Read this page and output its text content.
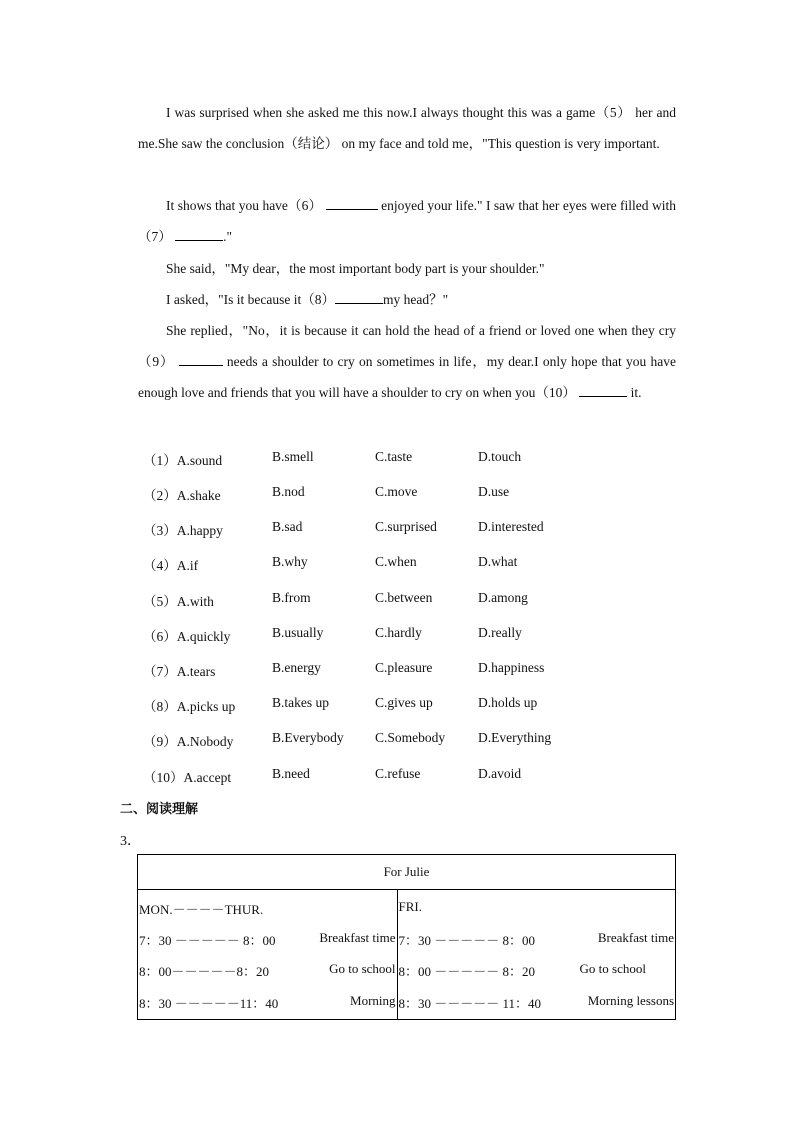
I was surprised when she asked me this now.I always thought this was a game（5） her and me.She saw the conclusion（结论） on my face and told me，"This question is very important.
It shows that you have（6）	enjoyed your life." I saw that her eyes were filled with（7）	."
She said，"My dear，the most important body part is your shoulder."
I asked，"Is it because it（8）	my head？"
She replied，"No，it is because it can hold the head of a friend or loved one when they cry（9）	needs a shoulder to cry on sometimes in life，my dear.I only hope that you have enough love and friends that you will have a shoulder to cry on when you（10）	it.
（1）A.sound	B.smell	C.taste	D.touch
（2）A.shake	B.nod	C.move	D.use
（3）A.happy	B.sad	C.surprised	D.interested
（4）A.if	B.why	C.when	D.what
（5）A.with	B.from	C.between	D.among
（6）A.quickly	B.usually	C.hardly	D.really
（7）A.tears	B.energy	C.pleasure	D.happiness
（8）A.picks up	B.takes up	C.gives up	D.holds up
（9）A.Nobody	B.Everybody C.Somebody D.Everything
（10）A.accept	B.need	C.refuse	D.avoid
二、阅读理解
3．
For Julie

MON.－－－－THUR.
7：30 －－－－－ 8：00	Breakfast time
8：00－－－－－8：20	Go to school
8：30 －－－－－11：40	Morning

FRI.
7：30 －－－－－ 8：00	Breakfast time
8：00 －－－－－ 8：20	Go to school
8：30 －－－－－ 11：40	Morning lessons
